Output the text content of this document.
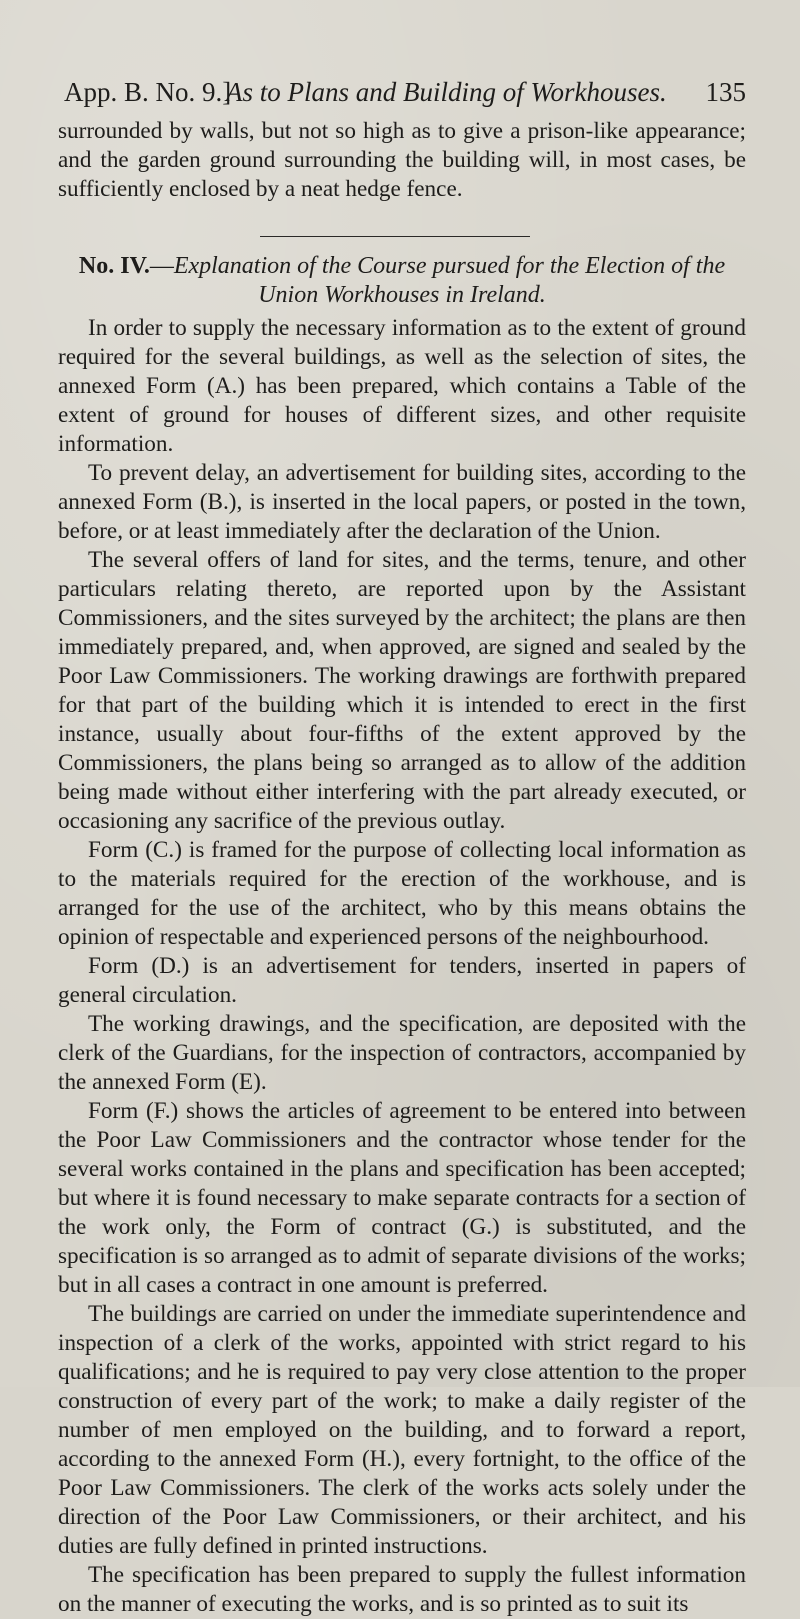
App. B. No. 9.]
As to Plans and Building of Workhouses. 135

surrounded by walls, but not so high as to give a prison-like appearance; and the garden ground surrounding the building will, in most cases, be sufficiently enclosed by a neat hedge fence.

No. IV.—Explanation of the Course pursued for the Election of the
Union Workhouses in Ireland.

In order to supply the necessary information as to the extent of ground required for the several buildings, as well as the selection of sites, the annexed Form (A.) has been prepared, which contains a Table of the extent of ground for houses of different sizes, and other requisite information.

To prevent delay, an advertisement for building sites, according to the annexed Form (B.), is inserted in the local papers, or posted in the town, before, or at least immediately after the declaration of the Union.

The several offers of land for sites, and the terms, tenure, and other particulars relating thereto, are reported upon by the Assistant Commissioners, and the sites surveyed by the architect; the plans are then immediately prepared, and, when approved, are signed and sealed by the Poor Law Commissioners. The working drawings are forthwith prepared for that part of the building which it is intended to erect in the first instance, usually about four-fifths of the extent approved by the Commissioners, the plans being so arranged as to allow of the addition being made without either interfering with the part already executed, or occasioning any sacrifice of the previous outlay.

Form (C.) is framed for the purpose of collecting local information as to the materials required for the erection of the workhouse, and is arranged for the use of the architect, who by this means obtains the opinion of respectable and experienced persons of the neighbourhood.

Form (D.) is an advertisement for tenders, inserted in papers of general circulation.

The working drawings, and the specification, are deposited with the clerk of the Guardians, for the inspection of contractors, accompanied by the annexed Form (E).

Form (F.) shows the articles of agreement to be entered into between the Poor Law Commissioners and the contractor whose tender for the several works contained in the plans and specification has been accepted; but where it is found necessary to make separate contracts for a section of the work only, the Form of contract (G.) is substituted, and the specification is so arranged as to admit of separate divisions of the works; but in all cases a contract in one amount is preferred.

The buildings are carried on under the immediate superintendence and inspection of a clerk of the works, appointed with strict regard to his qualifications; and he is required to pay very close attention to the proper construction of every part of the work; to make a daily register of the number of men employed on the building, and to forward a report, according to the annexed Form (H.), every fortnight, to the office of the Poor Law Commissioners. The clerk of the works acts solely under the direction of the Poor Law Commissioners, or their architect, and his duties are fully defined in printed instructions.

The specification has been prepared to supply the fullest information on the manner of executing the works, and is so printed as to suit its
